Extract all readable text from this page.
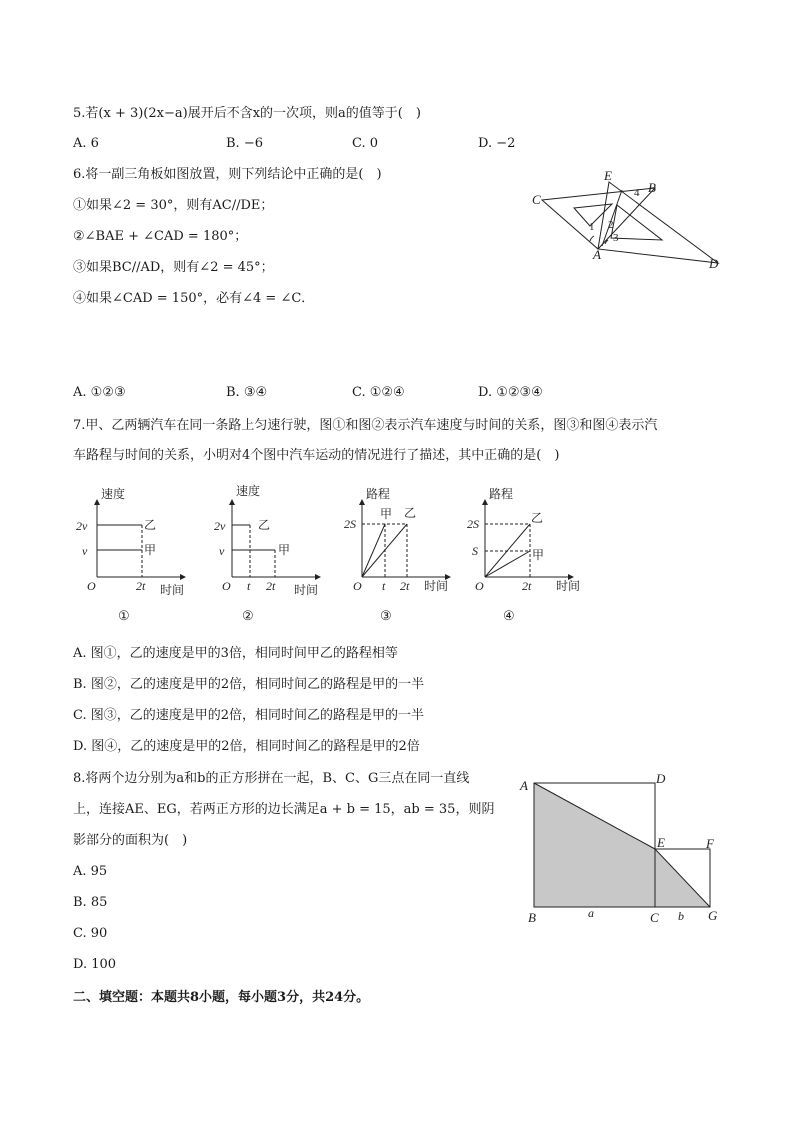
5.若(x + 3)(2x−a)展开后不含x的一次项，则a的值等于(　)
A. 6	B. −6	C. 0	D. −2
6.将一副三角板如图放置，则下列结论中正确的是(　)
①如果∠2 = 30°，则有AC//DE；
②∠BAE + ∠CAD = 180°；
③如果BC//AD，则有∠2 = 45°；
④如果∠CAD = 150°，必有∠4 = ∠C．
C
E
B
A
D
1 2
3
4
A. ①②③	B. ③④	C. ①②④	D. ①②③④
7.甲、乙两辆汽车在同一条路上匀速行驶，图①和图②表示汽车速度与时间的关系，图③和图④表示汽
车路程与时间的关系，小明对4个图中汽车运动的情况进行了描述，其中正确的是(　)
速度
时间
乙
甲
2v
v
O	2t
速度
时间
乙
甲
2v
v
O t 2t
路程
时间
甲 乙
2S
O t 2t
路程
时间
乙
甲
2S
S
O	2t
①	②	③	④
A. 图①，乙的速度是甲的3倍，相同时间甲乙的路程相等
B. 图②，乙的速度是甲的2倍，相同时间乙的路程是甲的一半
C. 图③，乙的速度是甲的2倍，相同时间乙的路程是甲的一半
D. 图④，乙的速度是甲的2倍，相同时间乙的路程是甲的2倍
8.将两个边分别为a和b的正方形拼在一起，B、C、G三点在同一直线
上，连接AE、EG，若两正方形的边长满足a + b = 15，ab = 35，则阴
影部分的面积为(　)
A. 95
B. 85
C. 90
D. 100
A	D
E	F
B	C	G
a	b
二、填空题：本题共8小题，每小题3分，共24分。
